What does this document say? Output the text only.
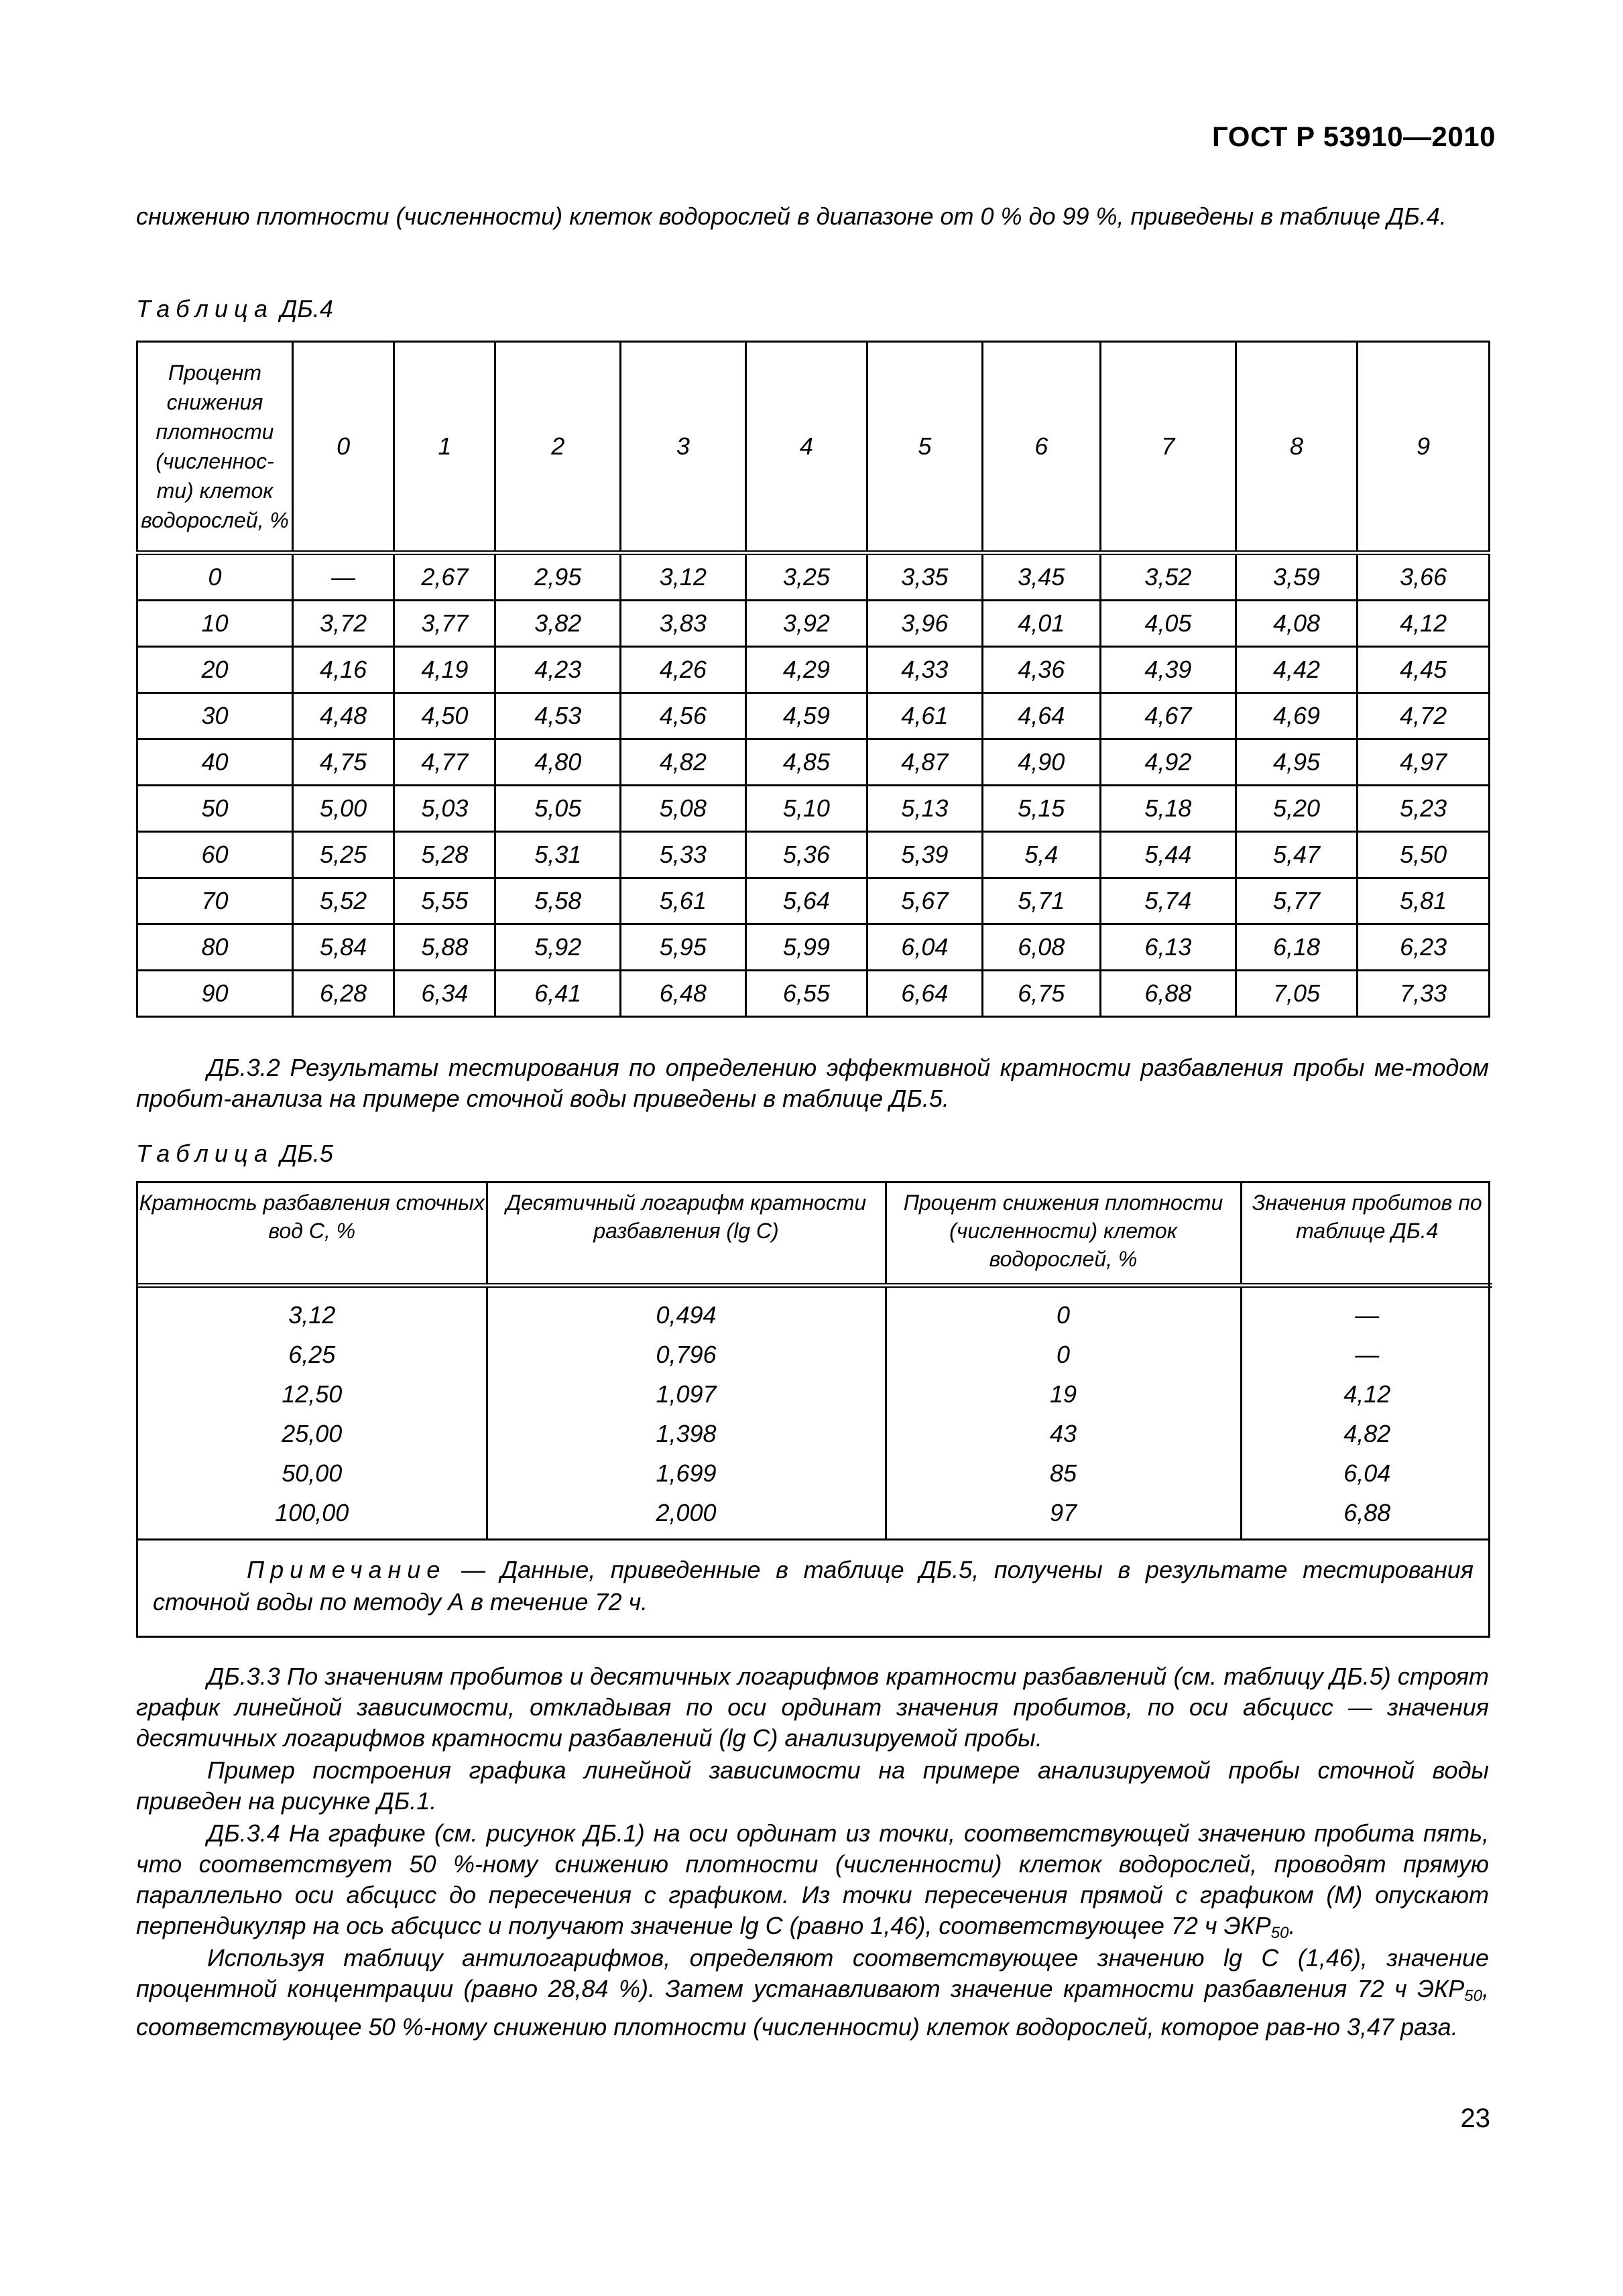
ГОСТ Р 53910—2010
снижению плотности (численности) клеток водорослей в диапазоне от 0 % до 99 %, приведены в таблице ДБ.4.
Таблица ДБ.4
Процент снижения плотности (численнос-ти) клеток водорослей, %	0	1	2	3	4	5	6	7	8	9
0	—	2,67	2,95	3,12	3,25	3,35	3,45	3,52	3,59	3,66
10	3,72	3,77	3,82	3,83	3,92	3,96	4,01	4,05	4,08	4,12
20	4,16	4,19	4,23	4,26	4,29	4,33	4,36	4,39	4,42	4,45
30	4,48	4,50	4,53	4,56	4,59	4,61	4,64	4,67	4,69	4,72
40	4,75	4,77	4,80	4,82	4,85	4,87	4,90	4,92	4,95	4,97
50	5,00	5,03	5,05	5,08	5,10	5,13	5,15	5,18	5,20	5,23
60	5,25	5,28	5,31	5,33	5,36	5,39	5,4	5,44	5,47	5,50
70	5,52	5,55	5,58	5,61	5,64	5,67	5,71	5,74	5,77	5,81
80	5,84	5,88	5,92	5,95	5,99	6,04	6,08	6,13	6,18	6,23
90	6,28	6,34	6,41	6,48	6,55	6,64	6,75	6,88	7,05	7,33
ДБ.3.2 Результаты тестирования по определению эффективной кратности разбавления пробы ме-тодом пробит-анализа на примере сточной воды приведены в таблице ДБ.5.
Таблица ДБ.5
Кратность разбавления сточных вод С, %	Десятичный логарифм кратности разбавления (lg C)	Процент снижения плотности (численности) клеток водорослей, %	Значения пробитов по таблице ДБ.4
3,12	0,494	0	—
6,25	0,796	0	—
12,50	1,097	19	4,12
25,00	1,398	43	4,82
50,00	1,699	85	6,04
100,00	2,000	97	6,88
Примечание — Данные, приведенные в таблице ДБ.5, получены в результате тестирования сточной воды по методу А в течение 72 ч.
ДБ.3.3 По значениям пробитов и десятичных логарифмов кратности разбавлений (см. таблицу ДБ.5) строят график линейной зависимости, откладывая по оси ординат значения пробитов, по оси абсцисс — значения десятичных логарифмов кратности разбавлений (lg C) анализируемой пробы.
Пример построения графика линейной зависимости на примере анализируемой пробы сточной воды приведен на рисунке ДБ.1.
ДБ.3.4 На графике (см. рисунок ДБ.1) на оси ординат из точки, соответствующей значению пробита пять, что соответствует 50 %-ному снижению плотности (численности) клеток водорослей, проводят прямую параллельно оси абсцисс до пересечения с графиком. Из точки пересечения прямой с графиком (М) опускают перпендикуляр на ось абсцисс и получают значение lg C (равно 1,46), соответствующее 72 ч $ЭКР_{50}$.
Используя таблицу антилогарифмов, определяют соответствующее значению lg C (1,46), значение процентной концентрации (равно 28,84 %). Затем устанавливают значение кратности разбавления 72 ч $ЭКР_{50}$, соответствующее 50 %-ному снижению плотности (численности) клеток водорослей, которое рав-но 3,47 раза.
23
